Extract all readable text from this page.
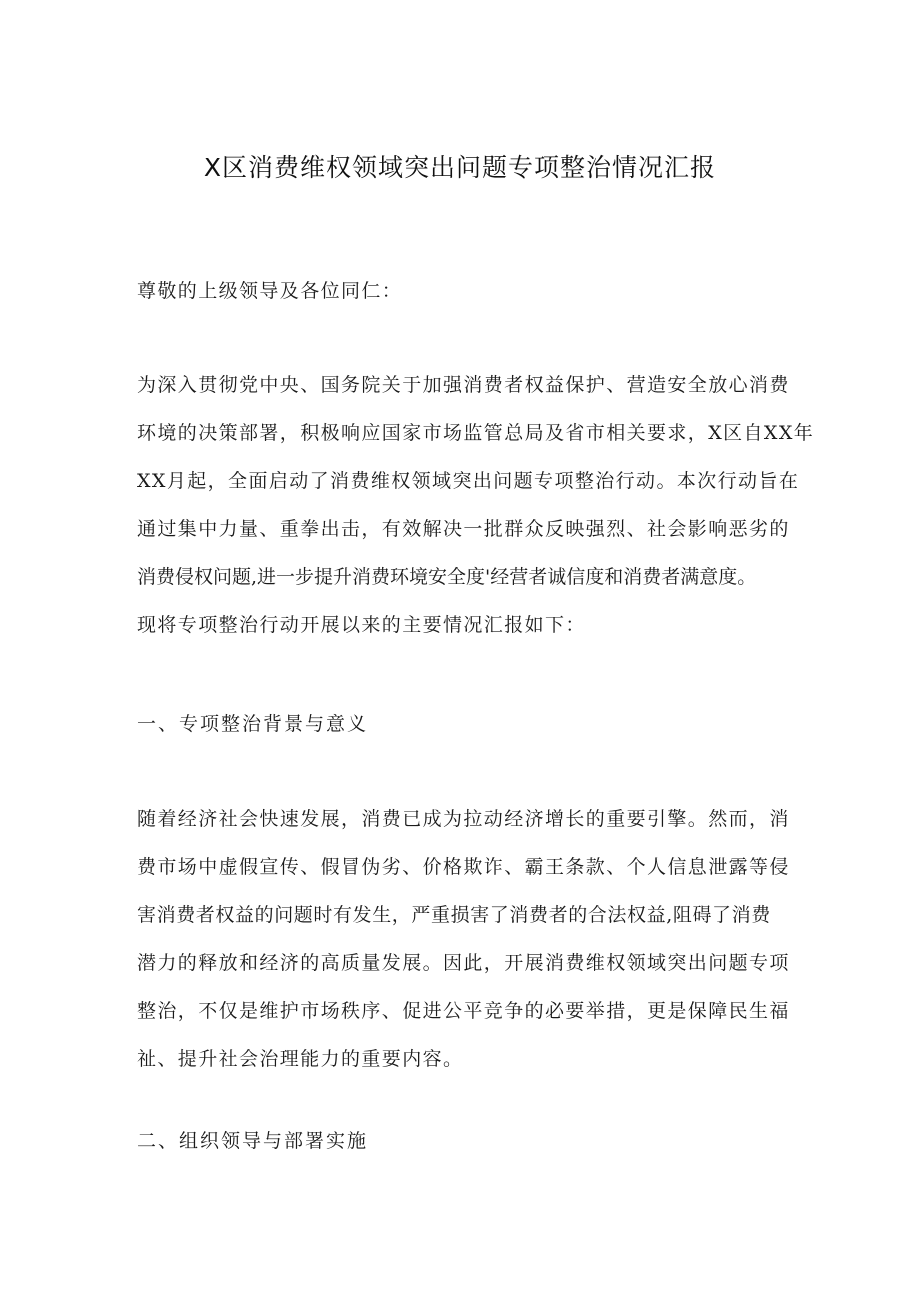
X区消费维权领域突出问题专项整治情况汇报
尊敬的上级领导及各位同仁：
为深入贯彻党中央、国务院关于加强消费者权益保护、营造安全放心消费
环境的决策部署，积极响应国家市场监管总局及省市相关要求，X区自XX年
XX月起，全面启动了消费维权领域突出问题专项整治行动。本次行动旨在
通过集中力量、重拳出击，有效解决一批群众反映强烈、社会影响恶劣的
消费侵权问题,进一步提升消费环境安全度'经营者诚信度和消费者满意度。
现将专项整治行动开展以来的主要情况汇报如下：
一、专项整治背景与意义
随着经济社会快速发展，消费已成为拉动经济增长的重要引擎。然而，消
费市场中虚假宣传、假冒伪劣、价格欺诈、霸王条款、个人信息泄露等侵
害消费者权益的问题时有发生，严重损害了消费者的合法权益,阻碍了消费
潜力的释放和经济的高质量发展。因此，开展消费维权领域突出问题专项
整治，不仅是维护市场秩序、促进公平竞争的必要举措，更是保障民生福
祉、提升社会治理能力的重要内容。
二、组织领导与部署实施
